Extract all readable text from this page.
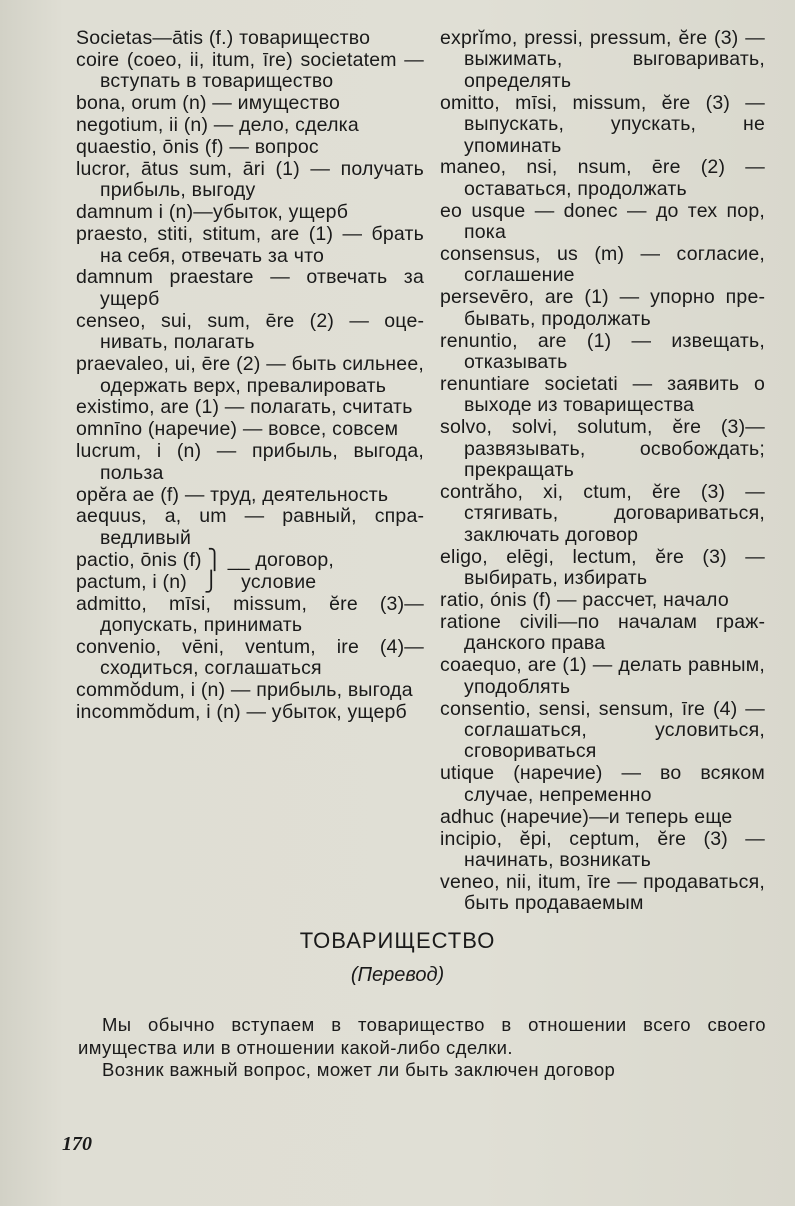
Societas—ātis (f.) товарищество
coire (coeo, ii, itum, īre) societatem — вступать в товарищество
bona, orum (n) — имущество
negotium, ii (n) — дело, сделка
quaestio, ōnis (f) — вопрос
lucror, ātus sum, āri (1) — получать прибыль, выгоду
damnum i (n)—убыток, ущерб
praesto, stiti, stitum, are (1) — брать на себя, отвечать за что
damnum praestare — отвечать за ущерб
censeo, sui, sum, ēre (2) — оценивать, полагать
praevaleo, ui, ēre (2) — быть сильнее, одержать верх, превалировать
existimo, are (1) — полагать, считать
omnīno (наречие) — вовсе, совсем
lucrum, i (n) — прибыль, выгода, польза
opĕra ae (f) — труд, деятельность
aequus, a, um — равный, справедливый
pactio, ōnis (f) ⎫ __ договор,
pactum, i (n)   ⎭    условие
admitto, mīsi, missum, ĕre (3)— допускать, принимать
convenio, vēni, ventum, ire (4)— сходиться, соглашаться
commŏdum, i (n) — прибыль, выгода
incommŏdum, i (n) — убыток, ущерб
exprĭmo, pressi, pressum, ĕre (3) — выжимать, выговаривать, определять
omitto, mīsi, missum, ĕre (3) — выпускать, упускать, не упоминать
maneo, nsi, nsum, ēre (2) — оставаться, продолжать
eo usque — donec — до тех пор, пока
consensus, us (m) — согласие, соглашение
persevēro, are (1) — упорно пребывать, продолжать
renuntio, are (1) — извещать, отказывать
renuntiare societati — заявить о выходе из товарищества
solvo, solvi, solutum, ĕre (3)— развязывать, освобождать; прекращать
contrăho, xi, ctum, ĕre (3) — стягивать, договариваться, заключать договор
eligo, elēgi, lectum, ĕre (3) — выбирать, избирать
ratio, ónis (f) — рассчет, начало
ratione civili—по началам гражданского права
coaequo, are (1) — делать равным, уподоблять
consentio, sensi, sensum, īre (4) — соглашаться, условиться, сговориваться
utique (наречие) — во всяком случае, непременно
adhuc (наречие)—и теперь еще
incipio, ĕpi, ceptum, ĕre (3) — начинать, возникать
veneo, nii, itum, īre — продаваться, быть продаваемым
ТОВАРИЩЕСТВО
(Перевод)

Мы обычно вступаем в товарищество в отношении всего своего имущества или в отношении какой-либо сделки.

Возник важный вопрос, может ли быть заключен договор

170
